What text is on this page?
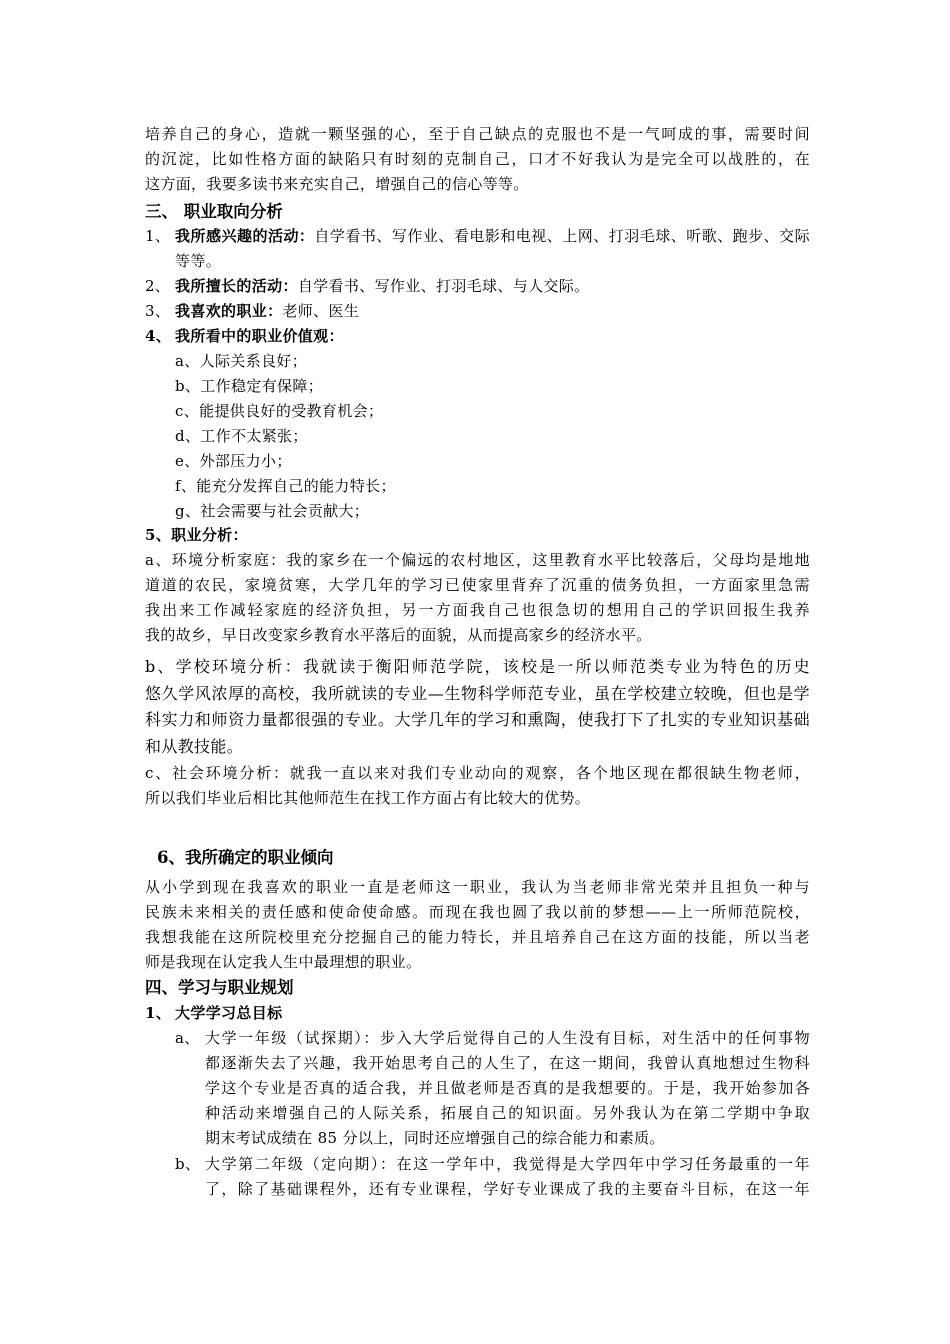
培养自己的身心，造就一颗坚强的心，至于自己缺点的克服也不是一气呵成的事，需要时间

的沉淀，比如性格方面的缺陷只有时刻的克制自己，口才不好我认为是完全可以战胜的，在

这方面，我要多读书来充实自己，增强自己的信心等等。

三、 职业取向分析
1、 我所感兴趣的活动：自学看书、写作业、看电影和电视、上网、打羽毛球、听歌、跑步、交际

等等。

2、 我所擅长的活动：自学看书、写作业、打羽毛球、与人交际。

3、 我喜欢的职业：老师、医生

4、 我所看中的职业价值观：

a、人际关系良好；

b、工作稳定有保障；

c、能提供良好的受教育机会；

d、工作不太紧张；

e、外部压力小；

f、能充分发挥自己的能力特长；

g、社会需要与社会贡献大；

5、职业分析：

a、环境分析家庭：我的家乡在一个偏远的农村地区，这里教育水平比较落后，父母均是地地

道道的农民，家境贫寒，大学几年的学习已使家里背弃了沉重的债务负担，一方面家里急需

我出来工作减轻家庭的经济负担，另一方面我自己也很急切的想用自己的学识回报生我养

我的故乡，早日改变家乡教育水平落后的面貌，从而提高家乡的经济水平。

b、学校环境分析：我就读于衡阳师范学院，该校是一所以师范类专业为特色的历史

悠久学风浓厚的高校，我所就读的专业—生物科学师范专业，虽在学校建立较晚，但也是学

科实力和师资力量都很强的专业。大学几年的学习和熏陶，使我打下了扎实的专业知识基础

和从教技能。

c、社会环境分析：就我一直以来对我们专业动向的观察，各个地区现在都很缺生物老师，

所以我们毕业后相比其他师范生在找工作方面占有比较大的优势。

6、我所确定的职业倾向

从小学到现在我喜欢的职业一直是老师这一职业，我认为当老师非常光荣并且担负一种与

民族未来相关的责任感和使命使命感。而现在我也圆了我以前的梦想——上一所师范院校，

我想我能在这所院校里充分挖掘自己的能力特长，并且培养自己在这方面的技能，所以当老

师是我现在认定我人生中最理想的职业。

四、学习与职业规划
1、 大学学习总目标

a、 大学一年级（试探期）：步入大学后觉得自己的人生没有目标，对生活中的任何事物

都逐渐失去了兴趣，我开始思考自己的人生了，在这一期间，我曾认真地想过生物科

学这个专业是否真的适合我，并且做老师是否真的是我想要的。于是，我开始参加各

种活动来增强自己的人际关系，拓展自己的知识面。另外我认为在第二学期中争取

期末考试成绩在 85 分以上，同时还应增强自己的综合能力和素质。

b、 大学第二年级（定向期）：在这一学年中，我觉得是大学四年中学习任务最重的一年

了，除了基础课程外，还有专业课程，学好专业课成了我的主要奋斗目标，在这一年
